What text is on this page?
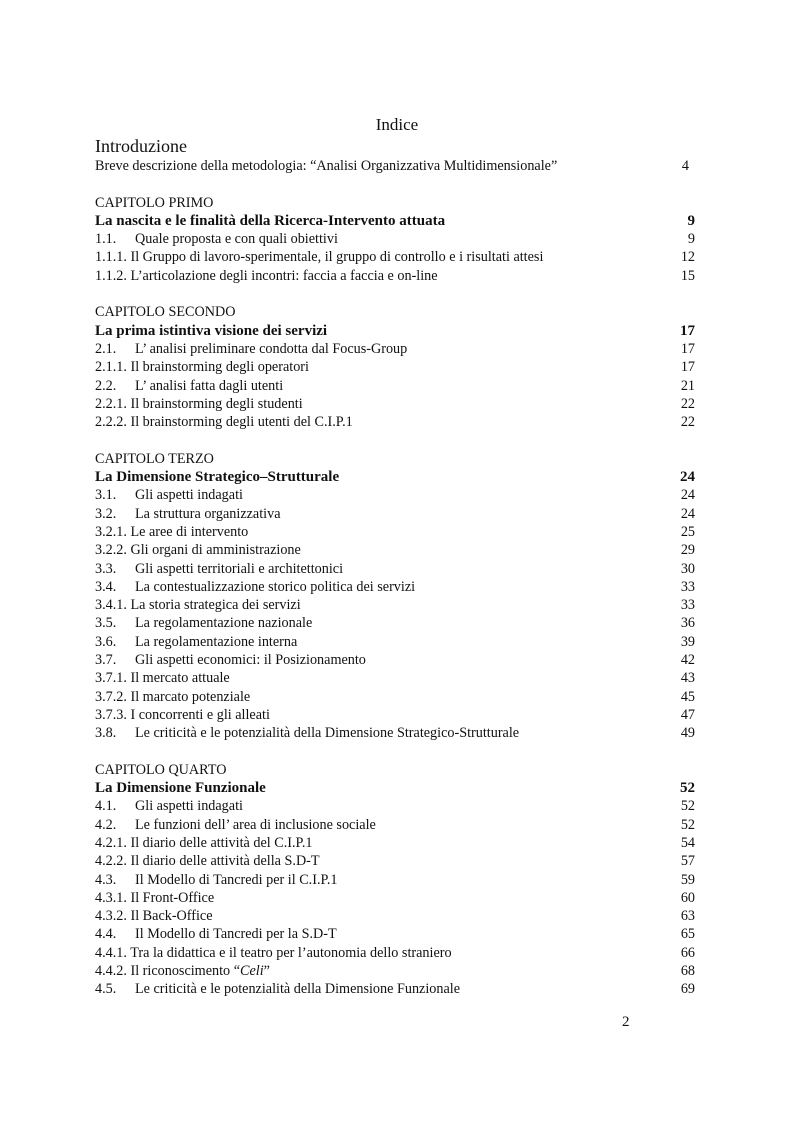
Indice
Introduzione
Breve descrizione della metodologia: “Analisi Organizzativa Multidimensionale”	4
CAPITOLO PRIMO
La nascita e le finalità della Ricerca-Intervento attuata	9
1.1. Quale proposta e con quali obiettivi	9
1.1.1. Il Gruppo di lavoro-sperimentale, il gruppo di controllo e i risultati attesi	12
1.1.2. L’articolazione degli incontri: faccia a faccia e on-line	15
CAPITOLO SECONDO
La prima istintiva visione dei servizi	17
2.1. L’ analisi preliminare condotta dal Focus-Group	17
2.1.1. Il brainstorming degli operatori	17
2.2. L’ analisi fatta dagli utenti	21
2.2.1. Il brainstorming degli studenti	22
2.2.2. Il brainstorming degli utenti del C.I.P.1	22
CAPITOLO TERZO
La Dimensione Strategico–Strutturale	24
3.1. Gli aspetti indagati	24
3.2. La struttura organizzativa	24
3.2.1. Le aree di intervento	25
3.2.2. Gli organi di amministrazione	29
3.3. Gli aspetti territoriali e architettonici	30
3.4. La contestualizzazione storico politica dei servizi	33
3.4.1. La storia strategica dei servizi	33
3.5. La regolamentazione nazionale	36
3.6. La regolamentazione interna	39
3.7. Gli aspetti economici: il Posizionamento	42
3.7.1. Il mercato attuale	43
3.7.2. Il marcato potenziale	45
3.7.3. I concorrenti e gli alleati	47
3.8. Le criticità e le potenzialità della Dimensione Strategico-Strutturale	49
CAPITOLO QUARTO
La Dimensione Funzionale	52
4.1. Gli aspetti indagati	52
4.2. Le funzioni dell’ area di inclusione sociale	52
4.2.1. Il diario delle attività del C.I.P.1	54
4.2.2. Il diario delle attività della S.D-T	57
4.3. Il Modello di Tancredi per il C.I.P.1	59
4.3.1. Il Front-Office	60
4.3.2. Il Back-Office	63
4.4. Il Modello di Tancredi per la S.D-T	65
4.4.1. Tra la didattica e il teatro per l’autonomia dello straniero	66
4.4.2. Il riconoscimento “Celi”	68
4.5. Le criticità e le potenzialità della Dimensione Funzionale	69
2
